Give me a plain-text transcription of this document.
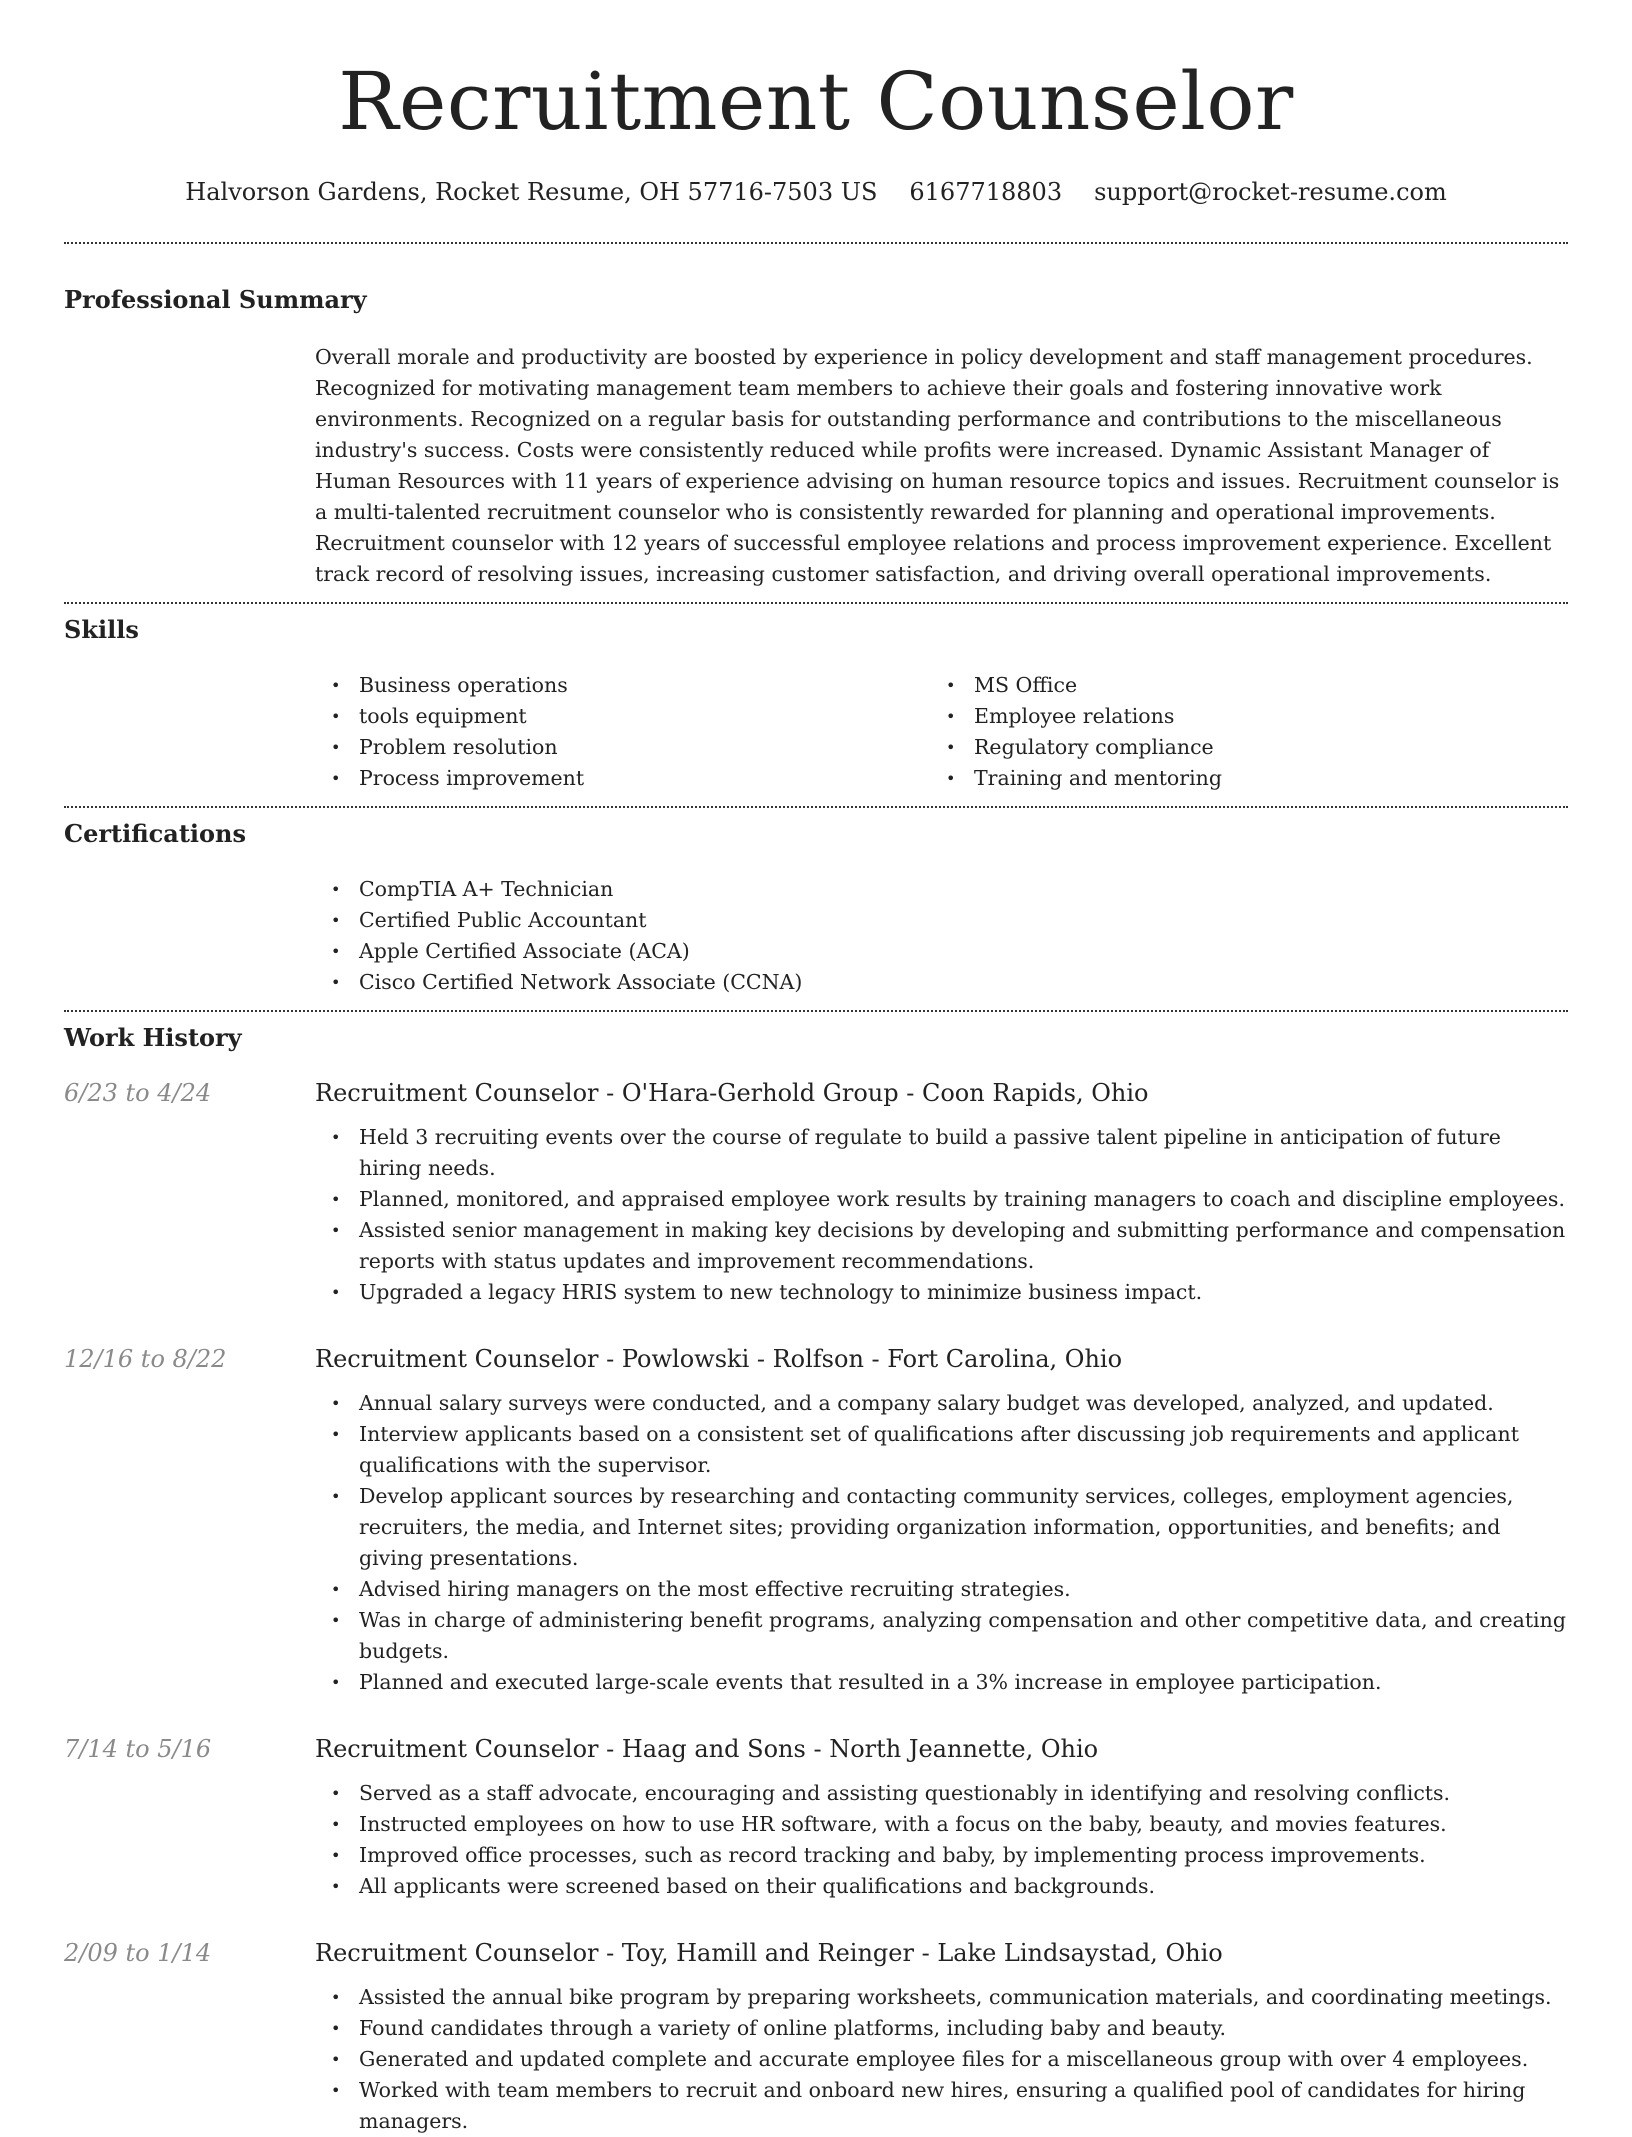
Recruitment Counselor
Halvorson Gardens, Rocket Resume, OH 57716-7503 US 6167718803 support@rocket-resume.com
Professional Summary

Overall morale and productivity are boosted by experience in policy development and staff management procedures. Recognized for motivating management team members to achieve their goals and fostering innovative work environments. Recognized on a regular basis for outstanding performance and contributions to the miscellaneous industry's success. Costs were consistently reduced while profits were increased. Dynamic Assistant Manager of Human Resources with 11 years of experience advising on human resource topics and issues. Recruitment counselor is a multi-talented recruitment counselor who is consistently rewarded for planning and operational improvements. Recruitment counselor with 12 years of successful employee relations and process improvement experience. Excellent track record of resolving issues, increasing customer satisfaction, and driving overall operational improvements.

Skills
• Business operations
• tools equipment
• Problem resolution
• Process improvement
• MS Office
• Employee relations
• Regulatory compliance
• Training and mentoring
Certifications
• CompTIA A+ Technician
• Certified Public Accountant
• Apple Certified Associate (ACA)
• Cisco Certified Network Associate (CCNA)
Work History
6/23 to 4/24	Recruitment Counselor - O'Hara-Gerhold Group - Coon Rapids, Ohio
• Held 3 recruiting events over the course of regulate to build a passive talent pipeline in anticipation of future hiring needs.
• Planned, monitored, and appraised employee work results by training managers to coach and discipline employees.
• Assisted senior management in making key decisions by developing and submitting performance and compensation reports with status updates and improvement recommendations.
• Upgraded a legacy HRIS system to new technology to minimize business impact.
12/16 to 8/22	Recruitment Counselor - Powlowski - Rolfson - Fort Carolina, Ohio
• Annual salary surveys were conducted, and a company salary budget was developed, analyzed, and updated.
• Interview applicants based on a consistent set of qualifications after discussing job requirements and applicant qualifications with the supervisor.
• Develop applicant sources by researching and contacting community services, colleges, employment agencies, recruiters, the media, and Internet sites; providing organization information, opportunities, and benefits; and giving presentations.
• Advised hiring managers on the most effective recruiting strategies.
• Was in charge of administering benefit programs, analyzing compensation and other competitive data, and creating budgets.
• Planned and executed large-scale events that resulted in a 3% increase in employee participation.
7/14 to 5/16	Recruitment Counselor - Haag and Sons - North Jeannette, Ohio
• Served as a staff advocate, encouraging and assisting questionably in identifying and resolving conflicts.
• Instructed employees on how to use HR software, with a focus on the baby, beauty, and movies features.
• Improved office processes, such as record tracking and baby, by implementing process improvements.
• All applicants were screened based on their qualifications and backgrounds.
2/09 to 1/14	Recruitment Counselor - Toy, Hamill and Reinger - Lake Lindsaystad, Ohio
• Assisted the annual bike program by preparing worksheets, communication materials, and coordinating meetings.
• Found candidates through a variety of online platforms, including baby and beauty.
• Generated and updated complete and accurate employee files for a miscellaneous group with over 4 employees.
• Worked with team members to recruit and onboard new hires, ensuring a qualified pool of candidates for hiring managers.
